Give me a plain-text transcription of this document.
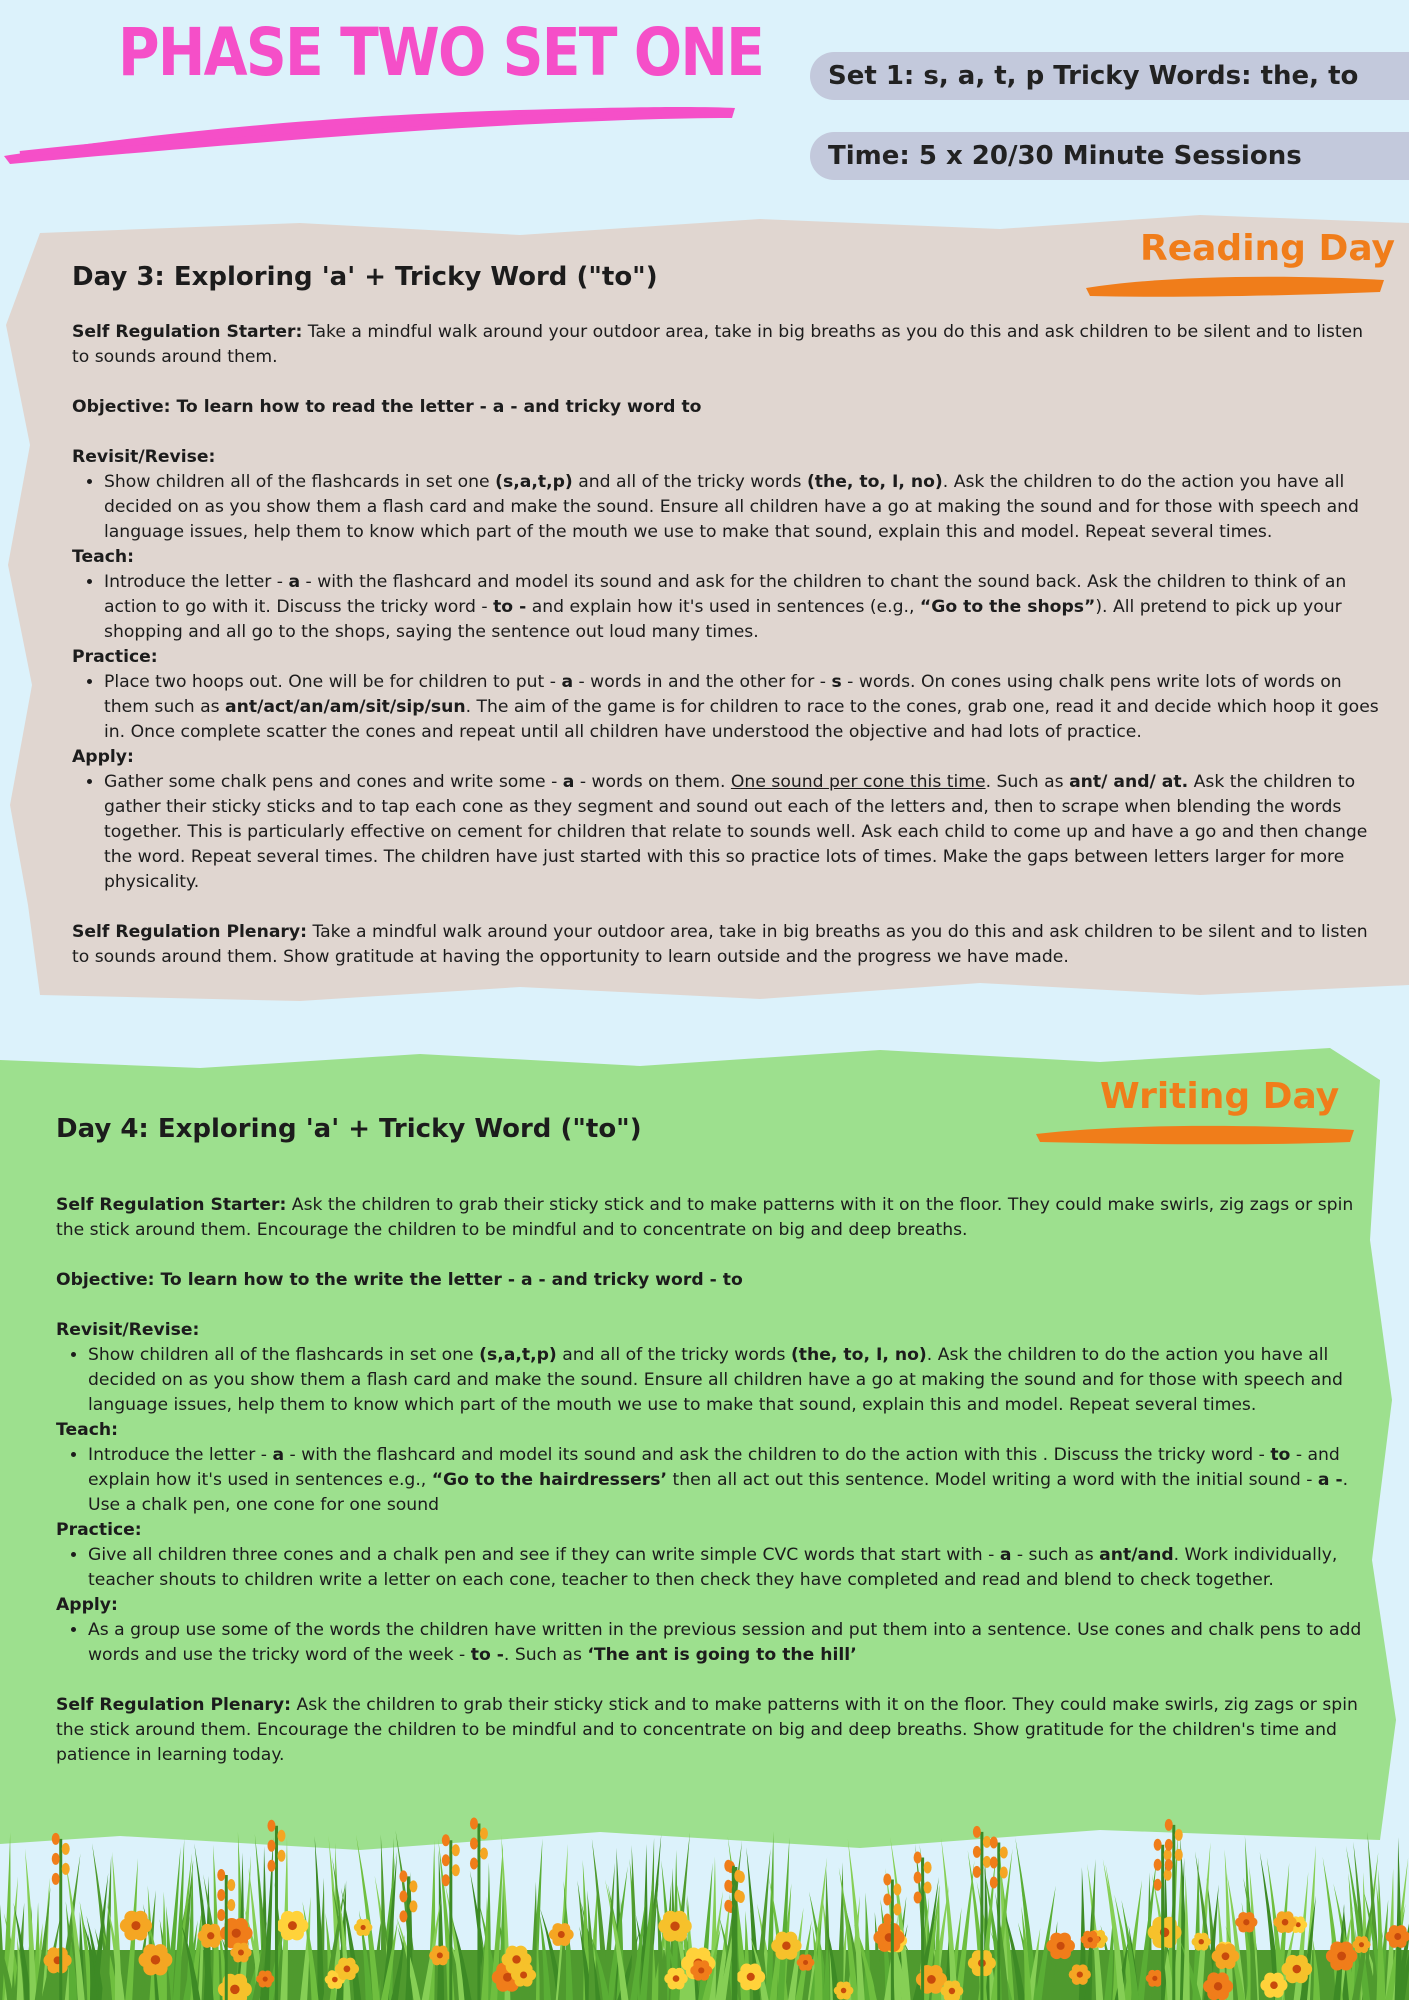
PHASE TWO SET ONE	Set 1: s, a, t, p Tricky Words: the, to
Time: 5 x 20/30 Minute Sessions
Reading Day
Day 3: Exploring 'a' + Tricky Word ("to")

Self Regulation Starter: Take a mindful walk around your outdoor area, take in big breaths as you do this and ask children to be silent and to listen to sounds around them.

Objective: To learn how to read the letter - a - and tricky word to

Revisit/Revise:

• Show children all of the flashcards in set one (s,a,t,p) and all of the tricky words (the, to, I, no). Ask the children to do the action you have all decided on as you show them a flash card and make the sound. Ensure all children have a go at making the sound and for those with speech and language issues, help them to know which part of the mouth we use to make that sound, explain this and model. Repeat several times.

Teach:

• Introduce the letter - a - with the flashcard and model its sound and ask for the children to chant the sound back. Ask the children to think of an action to go with it. Discuss the tricky word - to - and explain how it's used in sentences (e.g., “Go to the shops”). All pretend to pick up your shopping and all go to the shops, saying the sentence out loud many times.

Practice:

• Place two hoops out. One will be for children to put - a - words in and the other for - s - words. On cones using chalk pens write lots of words on them such as ant/act/an/am/sit/sip/sun. The aim of the game is for children to race to the cones, grab one, read it and decide which hoop it goes in. Once complete scatter the cones and repeat until all children have understood the objective and had lots of practice.

Apply:

• Gather some chalk pens and cones and write some - a - words on them. One sound per cone this time. Such as ant/ and/ at. Ask the children to gather their sticky sticks and to tap each cone as they segment and sound out each of the letters and, then to scrape when blending the words together. This is particularly effective on cement for children that relate to sounds well. Ask each child to come up and have a go and then change the word. Repeat several times. The children have just started with this so practice lots of times. Make the gaps between letters larger for more physicality.

Self Regulation Plenary: Take a mindful walk around your outdoor area, take in big breaths as you do this and ask children to be silent and to listen to sounds around them. Show gratitude at having the opportunity to learn outside and the progress we have made.

Writing Day
Day 4: Exploring 'a' + Tricky Word ("to")

Self Regulation Starter: Ask the children to grab their sticky stick and to make patterns with it on the floor. They could make swirls, zig zags or spin the stick around them. Encourage the children to be mindful and to concentrate on big and deep breaths.

Objective: To learn how to the write the letter - a - and tricky word - to

Revisit/Revise:

• Show children all of the flashcards in set one (s,a,t,p) and all of the tricky words (the, to, I, no). Ask the children to do the action you have all decided on as you show them a flash card and make the sound. Ensure all children have a go at making the sound and for those with speech and language issues, help them to know which part of the mouth we use to make that sound, explain this and model. Repeat several times.

Teach:

• Introduce the letter - a - with the flashcard and model its sound and ask the children to do the action with this . Discuss the tricky word - to - and explain how it's used in sentences e.g., “Go to the hairdressers’ then all act out this sentence. Model writing a word with the initial sound - a -. Use a chalk pen, one cone for one sound

Practice:

• Give all children three cones and a chalk pen and see if they can write simple CVC words that start with - a - such as ant/and. Work individually, teacher shouts to children write a letter on each cone, teacher to then check they have completed and read and blend to check together.

Apply:

• As a group use some of the words the children have written in the previous session and put them into a sentence. Use cones and chalk pens to add words and use the tricky word of the week - to -. Such as ‘The ant is going to the hill’

Self Regulation Plenary: Ask the children to grab their sticky stick and to make patterns with it on the floor. They could make swirls, zig zags or spin the stick around them. Encourage the children to be mindful and to concentrate on big and deep breaths. Show gratitude for the children's time and patience in learning today.
